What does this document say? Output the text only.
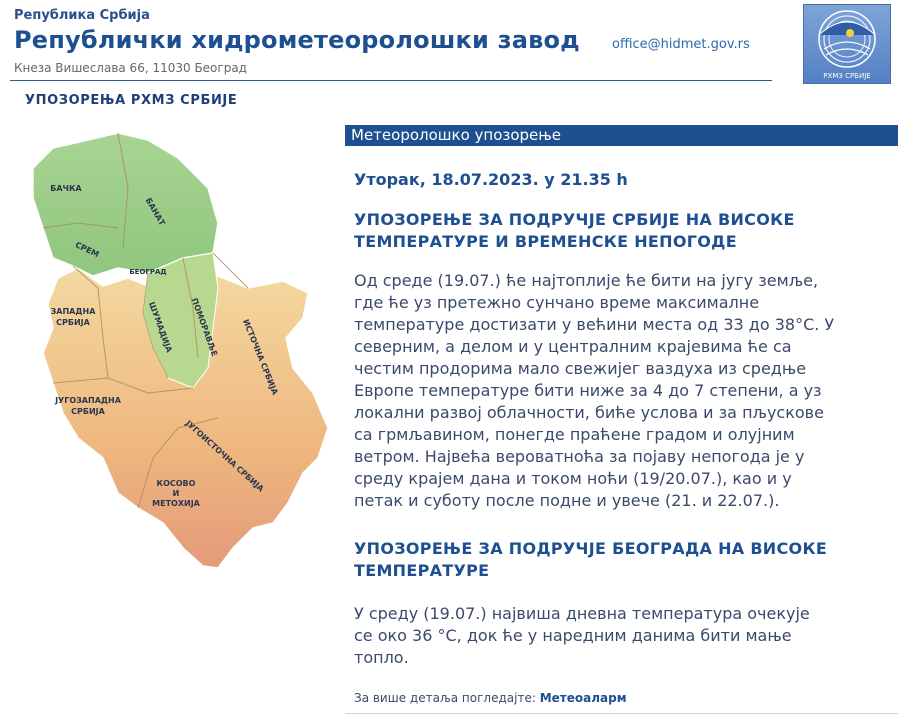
Република Србија
Републички хидрометеоролошки завод
Кнеза Вишеслава 66, 11030 Београд
office@hidmet.gov.rs
РХМЗ СРБИЈЕ
УПОЗОРЕЊА РХМЗ СРБИЈЕ
БАЧКА
БАНАТ
СРЕМ
БЕОГРАД
ЗАПАДНА
СРБИЈА	ШУМАДИЈА ПОМОРАВЉЕ	ИСТОЧНА СРБИЈА
ЈУГОЗАПАДНА
СРБИЈА
ЈУГОИСТОЧНА СРБИЈА
КОСОВО
И
МЕТОХИЈА
Метеоролошко упозорење
Уторак, 18.07.2023. у 21.35 h
УПОЗОРЕЊЕ ЗА ПОДРУЧЈЕ СРБИЈЕ НА ВИСОКЕ
ТЕМПЕРАТУРЕ И ВРЕМЕНСКЕ НЕПОГОДЕ
Од среде (19.07.) ће најтоплије ће бити на југу земље,
где ће уз претежно сунчано време максималне
температуре достизати у већини места од 33 до 38°C. У
северним, а делом и у централним крајевима ће са
честим продорима мало свежијег ваздуха из средње
Европе температуре бити ниже за 4 до 7 степени, а уз
локални развој облачности, биће услова и за пљускове
са грмљавином, понегде праћене градом и олујним
ветром. Највећа вероватноћа за појаву непогода је у
среду крајем дана и током ноћи (19/20.07.), као и у
петак и суботу после подне и увече (21. и 22.07.).
УПОЗОРЕЊЕ ЗА ПОДРУЧЈЕ БЕОГРАДА НА ВИСОКЕ
ТЕМПЕРАТУРЕ
У среду (19.07.) највиша дневна температура очекује
се око 36 °C, док ће у наредним данима бити мање
топло.
За више детаља погледајте: Метеоаларм
